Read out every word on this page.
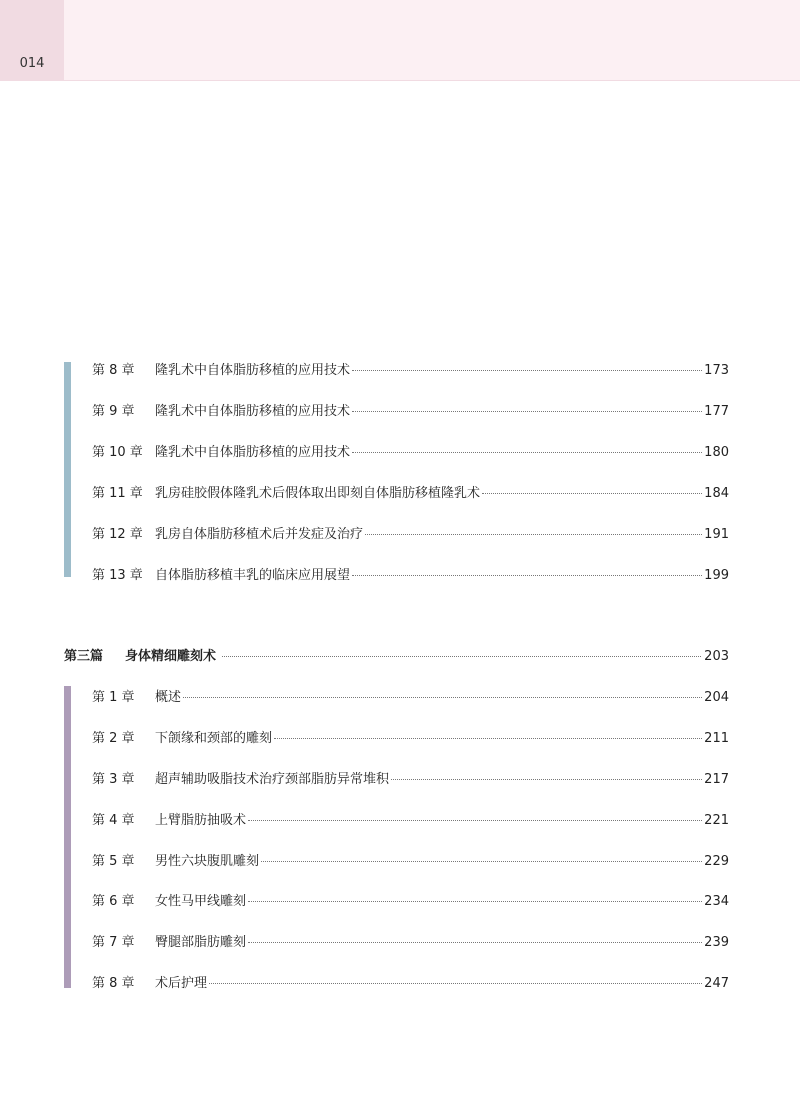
014
第 8 章	隆乳术中自体脂肪移植的应用技术	173
第 9 章	隆乳术中自体脂肪移植的应用技术	177
第 10 章 隆乳术中自体脂肪移植的应用技术	180
第 11 章 乳房硅胶假体隆乳术后假体取出即刻自体脂肪移植隆乳术	184
第 12 章 乳房自体脂肪移植术后并发症及治疗	191
第 13 章 自体脂肪移植丰乳的临床应用展望	199
第三篇	身体精细雕刻术	203
第 1 章	概述	204
第 2 章	下颌缘和颈部的雕刻	211
第 3 章	超声辅助吸脂技术治疗颈部脂肪异常堆积	217
第 4 章	上臂脂肪抽吸术	221
第 5 章	男性六块腹肌雕刻	229
第 6 章	女性马甲线雕刻	234
第 7 章	臀腿部脂肪雕刻	239
第 8 章	术后护理	247
